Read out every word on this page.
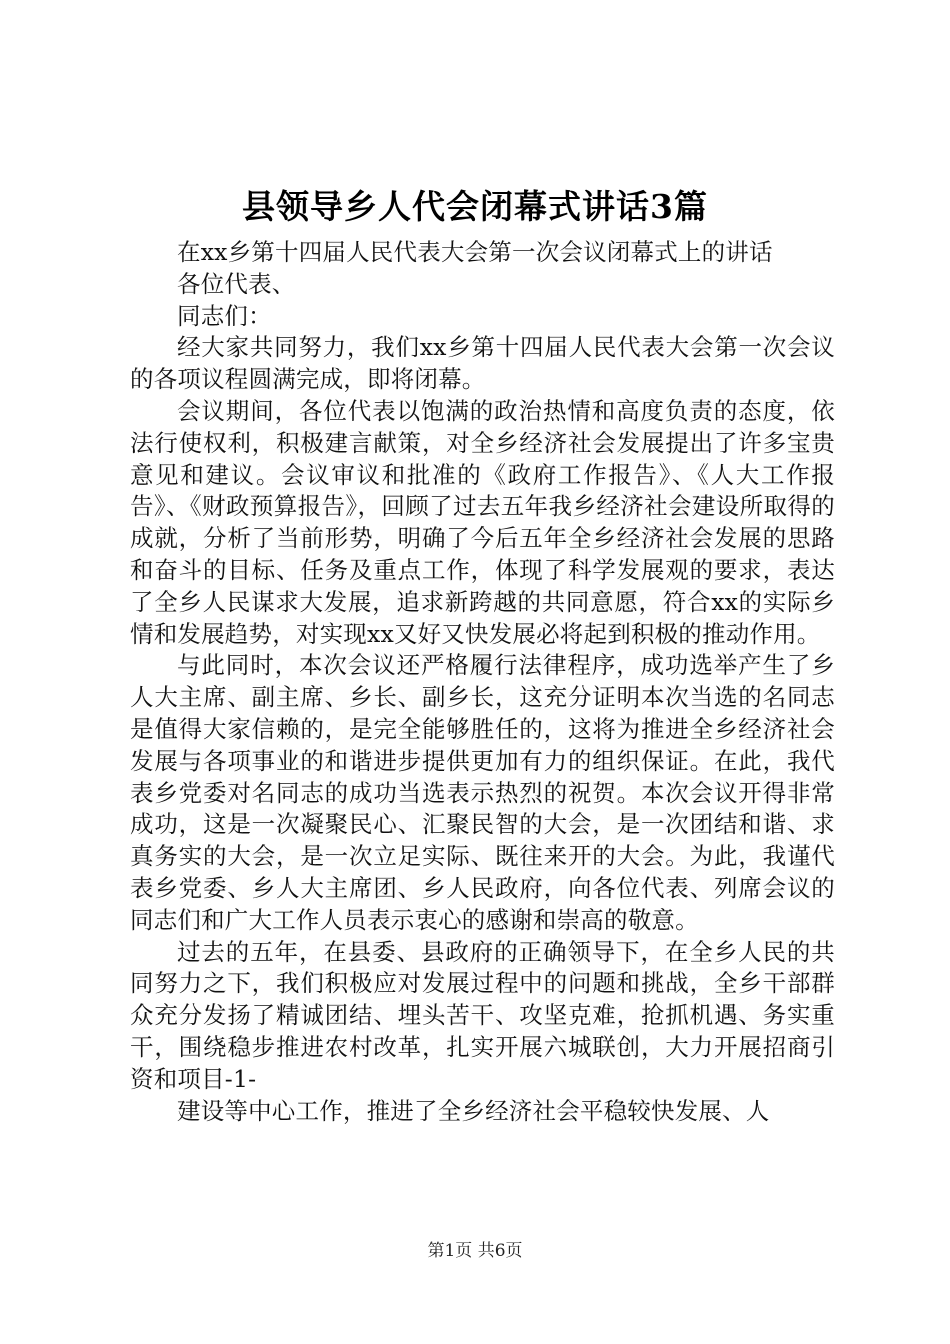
县领导乡人代会闭幕式讲话3篇

在xx乡第十四届人民代表大会第一次会议闭幕式上的讲话

各位代表、

同志们：

经大家共同努力，我们xx乡第十四届人民代表大会第一次会议的各项议程圆满完成，即将闭幕。

会议期间，各位代表以饱满的政治热情和高度负责的态度，依法行使权利，积极建言献策，对全乡经济社会发展提出了许多宝贵意见和建议。会议审议和批准的《政府工作报告》、《人大工作报告》、《财政预算报告》，回顾了过去五年我乡经济社会建设所取得的成就，分析了当前形势，明确了今后五年全乡经济社会发展的思路和奋斗的目标、任务及重点工作，体现了科学发展观的要求，表达了全乡人民谋求大发展，追求新跨越的共同意愿，符合xx的实际乡情和发展趋势，对实现xx又好又快发展必将起到积极的推动作用。

与此同时，本次会议还严格履行法律程序，成功选举产生了乡人大主席、副主席、乡长、副乡长，这充分证明本次当选的名同志是值得大家信赖的，是完全能够胜任的，这将为推进全乡经济社会发展与各项事业的和谐进步提供更加有力的组织保证。在此，我代表乡党委对名同志的成功当选表示热烈的祝贺。本次会议开得非常成功，这是一次凝聚民心、汇聚民智的大会，是一次团结和谐、求真务实的大会，是一次立足实际、既往来开的大会。为此，我谨代表乡党委、乡人大主席团、乡人民政府，向各位代表、列席会议的同志们和广大工作人员表示衷心的感谢和崇高的敬意。

过去的五年，在县委、县政府的正确领导下，在全乡人民的共同努力之下，我们积极应对发展过程中的问题和挑战，全乡干部群众充分发扬了精诚团结、埋头苦干、攻坚克难，抢抓机遇、务实重干，围绕稳步推进农村改革，扎实开展六城联创，大力开展招商引资和项目-1-

建设等中心工作，推进了全乡经济社会平稳较快发展、人

第1页 共6页
